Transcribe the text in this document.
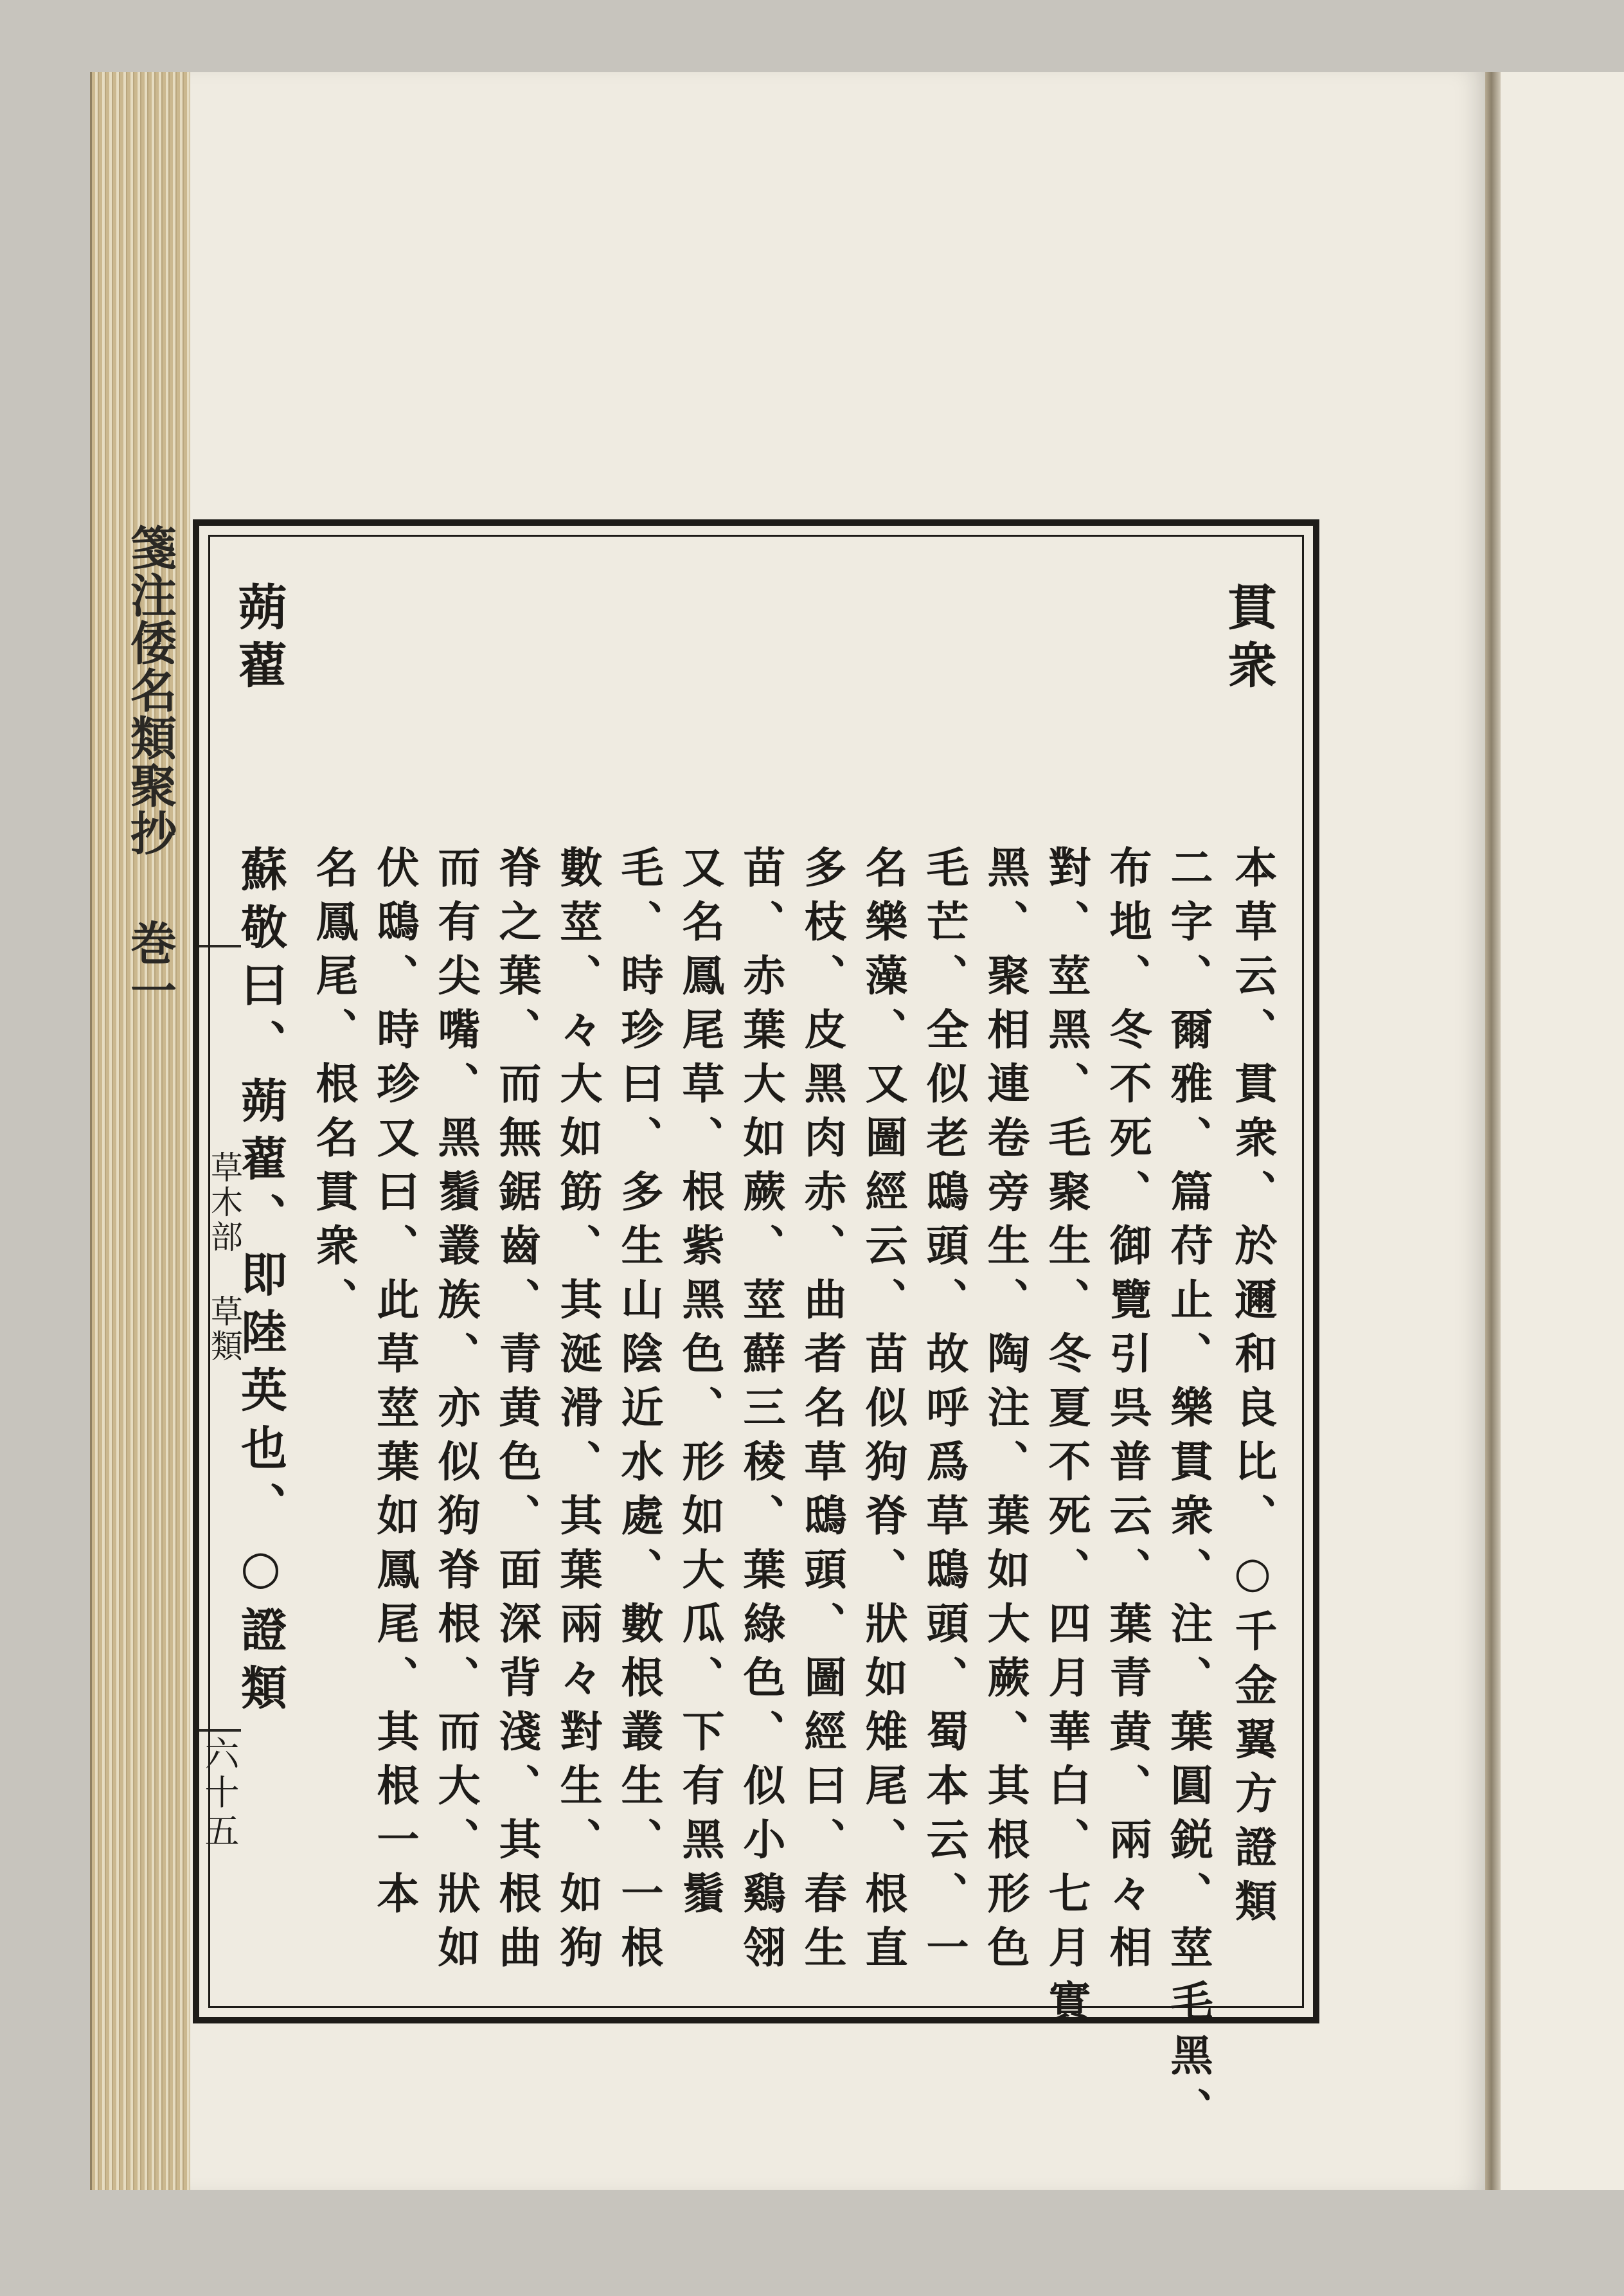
箋注倭名類聚抄
巻一
草木部 草類
六十五
貫衆
本草云、貫衆、於邇和良比、○千金翼方證類
二字、爾雅、篇苻止、樂貫衆、注、葉圓鋭、莖毛黑、
布地、冬不死、御覽引呉普云、葉青黄、兩々相
對、莖黑、毛聚生、冬夏不死、四月華白、七月實
黑、聚相連卷旁生、陶注、葉如大蕨、其根形色
毛芒、全似老鴟頭、故呼爲草鴟頭、蜀本云、一
名樂藻、又圖經云、苗似狗脊、狀如雉尾、根直
多枝、皮黑肉赤、曲者名草鴟頭、圖經曰、春生
苗、赤葉大如蕨、莖蘚三稜、葉綠色、似小鷄翎
又名鳳尾草、根紫黑色、形如大瓜、下有黑鬚
毛、時珍曰、多生山陰近水處、數根叢生、一根
數莖、々大如筯、其涎滑、其葉兩々對生、如狗
脊之葉、而無鋸齒、青黄色、面深背淺、其根曲
而有尖嘴、黑鬚叢族、亦似狗脊根、而大、狀如
伏鴟、時珍又曰、此草莖葉如鳳尾、其根一本
名鳳尾、根名貫衆、
蒴藋
蘇敬曰、蒴藋、即陸英也、○證類
